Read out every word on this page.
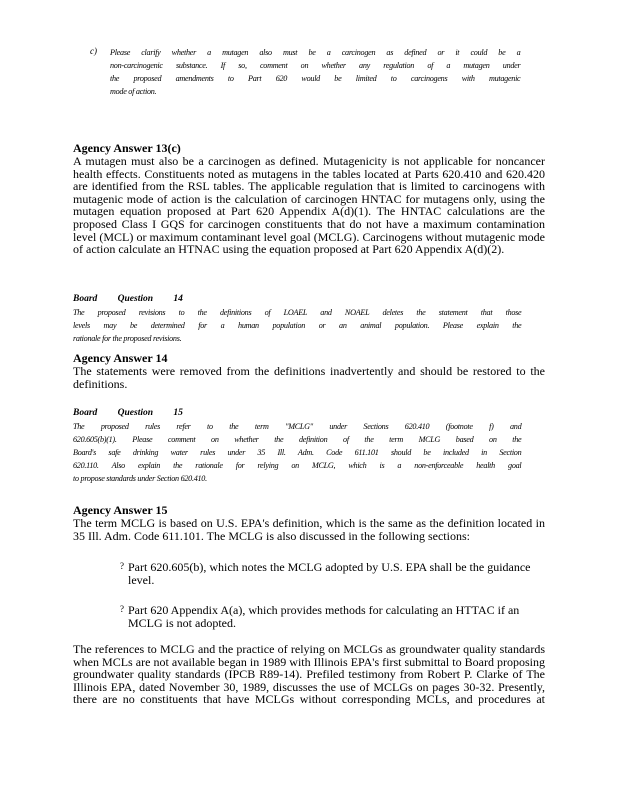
c) Please clarify whether a mutagen also must be a carcinogen as defined or it could be a
non-carcinogenic substance. If so, comment on whether any regulation of a mutagen under
the proposed amendments to Part 620 would be limited to carcinogens with mutagenic
mode of action.
Agency Answer 13(c)
A mutagen must also be a carcinogen as defined. Mutagenicity is not applicable for noncancer
health effects. Constituents noted as mutagens in the tables located at Parts 620.410 and 620.420
are identified from the RSL tables. The applicable regulation that is limited to carcinogens with
mutagenic mode of action is the calculation of carcinogen HNTAC for mutagens only, using the
mutagen equation proposed at Part 620 Appendix A(d)(1). The HNTAC calculations are the
proposed Class I GQS for carcinogen constituents that do not have a maximum contamination
level (MCL) or maximum contaminant level goal (MCLG). Carcinogens without mutagenic mode
of action calculate an HTNAC using the equation proposed at Part 620 Appendix A(d)(2).
Board Question 14
The proposed revisions to the definitions of LOAEL and NOAEL deletes the statement that those
levels may be determined for a human population or an animal population. Please explain the
rationale for the proposed revisions.
Agency Answer 14
The statements were removed from the definitions inadvertently and should be restored to the
definitions.
Board Question 15
The proposed rules refer to the term "MCLG" under Sections 620.410 (footnote f) and
620.605(b)(1). Please comment on whether the definition of the term MCLG based on the
Board's safe drinking water rules under 35 Ill. Adm. Code 611.101 should be included in Section
620.110. Also explain the rationale for relying on MCLG, which is a non-enforceable health goal
to propose standards under Section 620.410.
Agency Answer 15
The term MCLG is based on U.S. EPA's definition, which is the same as the definition located in
35 Ill. Adm. Code 611.101. The MCLG is also discussed in the following sections:
? Part 620.605(b), which notes the MCLG adopted by U.S. EPA shall be the guidance
level.
? Part 620 Appendix A(a), which provides methods for calculating an HTTAC if an
MCLG is not adopted.
The references to MCLG and the practice of relying on MCLGs as groundwater quality standards
when MCLs are not available began in 1989 with Illinois EPA's first submittal to Board proposing
groundwater quality standards (IPCB R89-14). Prefiled testimony from Robert P. Clarke of The
Illinois EPA, dated November 30, 1989, discusses the use of MCLGs on pages 30-32. Presently,
there are no constituents that have MCLGs without corresponding MCLs, and procedures at
